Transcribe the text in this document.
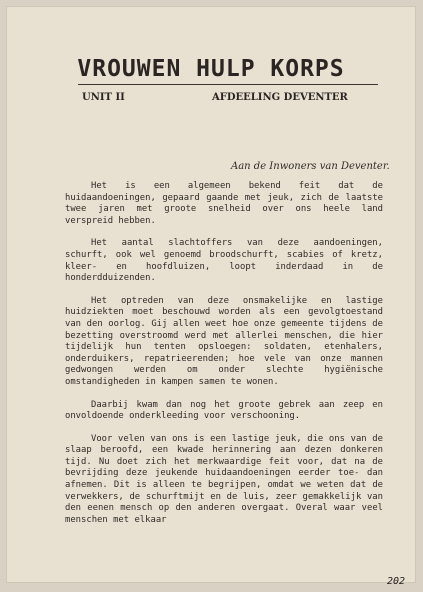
VROUWEN HULP KORPS
UNIT II	AFDEELING DEVENTER
Aan de Inwoners van Deventer.

Het is een algemeen bekend feit dat de huidaandoeningen, gepaard gaande met jeuk, zich de laatste twee jaren met groote snelheid over ons heele land verspreid hebben.

Het aantal slachtoffers van deze aandoeningen, schurft, ook wel genoemd broodschurft, scabies of kretz, kleer- en hoofdluizen, loopt inderdaad in de honderdduizenden.

Het optreden van deze onsmakelijke en lastige huidziekten moet beschouwd worden als een gevolgtoestand van den oorlog. Gij allen weet hoe onze gemeente tijdens de bezetting overstroomd werd met allerlei menschen, die hier tijdelijk hun tenten opsloegen: soldaten, etenhalers, onderduikers, repatrieerenden; hoe vele van onze mannen gedwongen werden om onder slechte hygiënische omstandigheden in kampen samen te wonen.

Daarbij kwam dan nog het groote gebrek aan zeep en onvoldoende onderkleeding voor verschooning.

Voor velen van ons is een lastige jeuk, die ons van de slaap beroofd, een kwade herinnering aan dezen donkeren tijd. Nu doet zich het merkwaardige feit voor, dat na de bevrijding deze jeukende huidaandoeningen eerder toe- dan afnemen. Dit is alleen te begrijpen, omdat we weten dat de verwekkers, de schurftmijt en de luis, zeer gemakkelijk van den eenen mensch op den anderen overgaat. Overal waar veel menschen met elkaar

202
